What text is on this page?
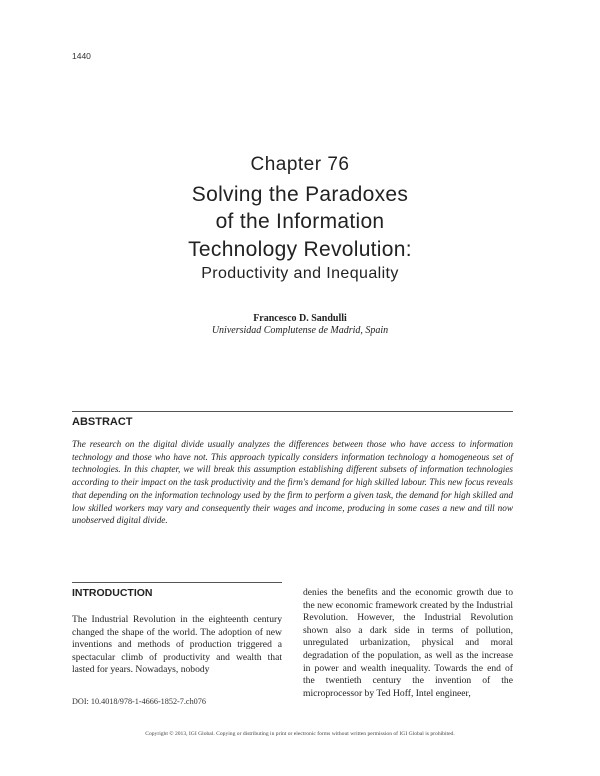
1440
Chapter 76
Solving the Paradoxes
of the Information
Technology Revolution:
Productivity and Inequality
Francesco D. Sandulli
Universidad Complutense de Madrid, Spain
ABSTRACT
The research on the digital divide usually analyzes the differences between those who have access to information technology and those who have not. This approach typically considers information technology a homogeneous set of technologies. In this chapter, we will break this assumption establishing different subsets of information technologies according to their impact on the task productivity and the firm's demand for high skilled labour. This new focus reveals that depending on the information technology used by the firm to perform a given task, the demand for high skilled and low skilled workers may vary and consequently their wages and income, producing in some cases a new and till now unobserved digital divide.
INTRODUCTION
The Industrial Revolution in the eighteenth century changed the shape of the world. The adoption of new inventions and methods of production triggered a spectacular climb of productivity and wealth that lasted for years. Nowadays, nobody
denies the benefits and the economic growth due to the new economic framework created by the Industrial Revolution. However, the Industrial Revolution shown also a dark side in terms of pollution, unregulated urbanization, physical and moral degradation of the population, as well as the increase in power and wealth inequality. Towards the end of the twentieth century the invention of the microprocessor by Ted Hoff, Intel engineer,
DOI: 10.4018/978-1-4666-1852-7.ch076
Copyright © 2013, IGI Global. Copying or distributing in print or electronic forms without written permission of IGI Global is prohibited.
